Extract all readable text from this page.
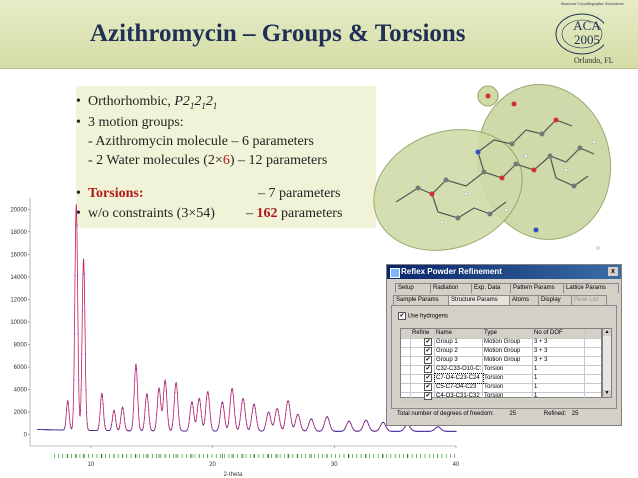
Azithromycin – Groups & Torsions	ACA
2005
Orlando, FL
American Crystallographic Association
• Orthorhombic, $P2_12_12_1$
• 3 motion groups:
- Azithromycin molecule – 6 parameters
- 2 Water molecules (2×6) – 12 parameters
• Torsions:	– 7 parameters
• w/o constraints (3×54) – 162 parameters
20000
18000
16000
14000
12000
10000
8000
6000
4000
2000
0
10	20	30	40
2-theta
Reflex Powder Refinement	x
Setup	Radiation	Exp. Data	Pattern Params	Lattice Params
Sample Params	Structure Params	Atoms	Display	Peak List
✔ Use hydrogens
Refine	Name	Type	No of DOF
✔ Group 1	Motion Group	3 + 3
✔ Group 2	Motion Group	3 + 3
✔ Group 3	Motion Group	3 + 3
✔ C32-C33-O10-C: Torsion	1
✔ C7-O4-C23-C24 Torsion	1
✔ C5-C7-O4-C23	Torsion	1
✔ C4-O3-C31-C32 Torsion	1
▲
▼
Total number of degrees of freedom:	25	Refined: 25
